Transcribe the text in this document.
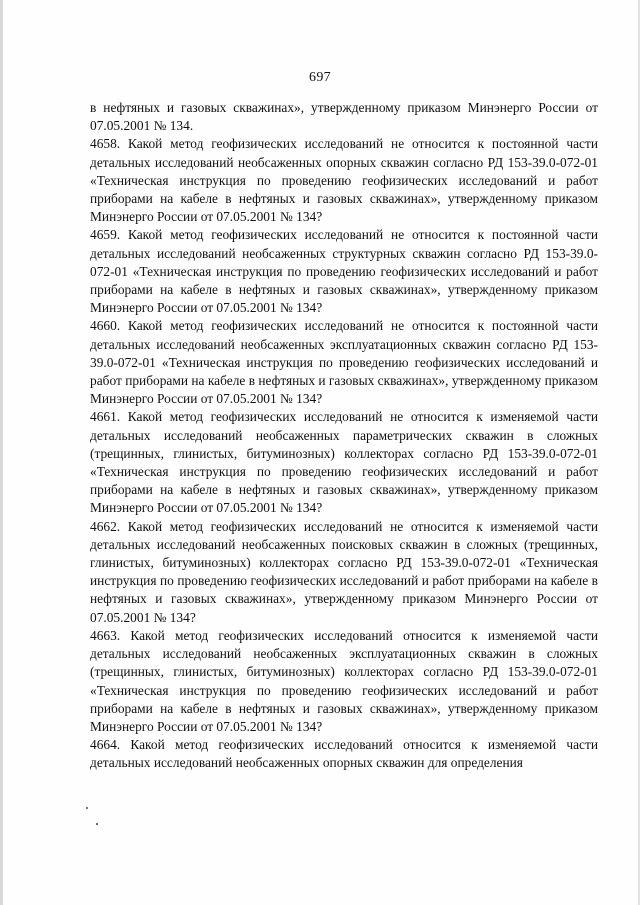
697

в нефтяных и газовых скважинах», утвержденному приказом Минэнерго России от 07.05.2001 № 134.

4658. Какой метод геофизических исследований не относится к постоянной части детальных исследований необсаженных опорных скважин согласно РД 153-39.0-072-01 «Техническая инструкция по проведению геофизических исследований и работ приборами на кабеле в нефтяных и газовых скважинах», утвержденному приказом Минэнерго России от 07.05.2001 № 134?

4659. Какой метод геофизических исследований не относится к постоянной части детальных исследований необсаженных структурных скважин согласно РД 153-39.0-072-01 «Техническая инструкция по проведению геофизических исследований и работ приборами на кабеле в нефтяных и газовых скважинах», утвержденному приказом Минэнерго России от 07.05.2001 № 134?

4660. Какой метод геофизических исследований не относится к постоянной части детальных исследований необсаженных эксплуатационных скважин согласно РД 153-39.0-072-01 «Техническая инструкция по проведению геофизических исследований и работ приборами на кабеле в нефтяных и газовых скважинах», утвержденному приказом Минэнерго России от 07.05.2001 № 134?

4661. Какой метод геофизических исследований не относится к изменяемой части детальных исследований необсаженных параметрических скважин в сложных (трещинных, глинистых, битуминозных) коллекторах согласно РД 153-39.0-072-01 «Техническая инструкция по проведению геофизических исследований и работ приборами на кабеле в нефтяных и газовых скважинах», утвержденному приказом Минэнерго России от 07.05.2001 № 134?

4662. Какой метод геофизических исследований не относится к изменяемой части детальных исследований необсаженных поисковых скважин в сложных (трещинных, глинистых, битуминозных) коллекторах согласно РД 153-39.0-072-01 «Техническая инструкция по проведению геофизических исследований и работ приборами на кабеле в нефтяных и газовых скважинах», утвержденному приказом Минэнерго России от 07.05.2001 № 134?

4663. Какой метод геофизических исследований относится к изменяемой части детальных исследований необсаженных эксплуатационных скважин в сложных (трещинных, глинистых, битуминозных) коллекторах согласно РД 153-39.0-072-01 «Техническая инструкция по проведению геофизических исследований и работ приборами на кабеле в нефтяных и газовых скважинах», утвержденному приказом Минэнерго России от 07.05.2001 № 134?

4664. Какой метод геофизических исследований относится к изменяемой части детальных исследований необсаженных опорных скважин для определения
